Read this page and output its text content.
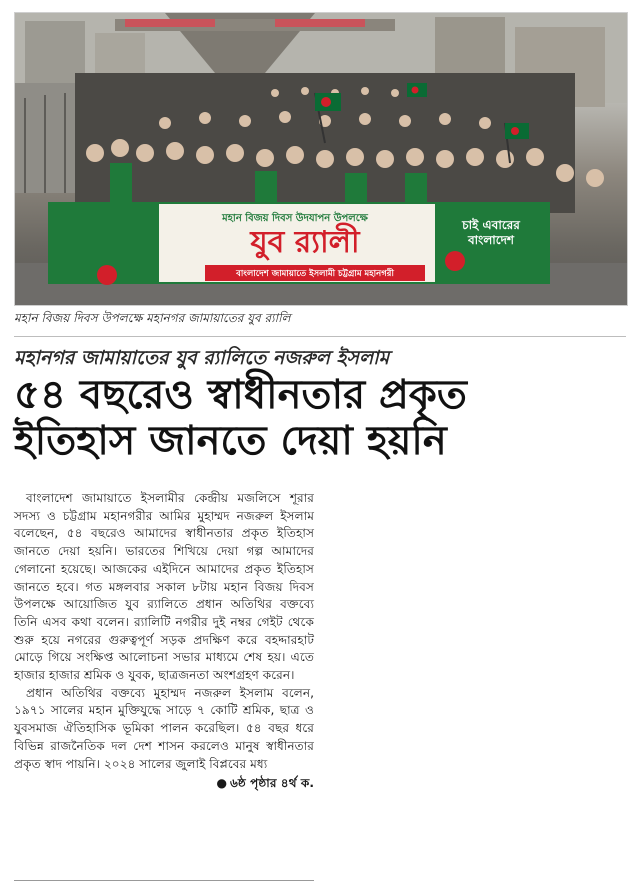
মহান বিজয় দিবস উদযাপন উপলক্ষে
যুব র‍্যালী
বাংলাদেশ জামায়াতে ইসলামী চট্টগ্রাম মহানগরী
চাই এবারের বাংলাদেশ
মহান বিজয় দিবস উপলক্ষে মহানগর জামায়াতের যুব র‍্যালি
মহানগর জামায়াতের যুব র‍্যালিতে নজরুল ইসলাম
৫৪ বছরেও স্বাধীনতার প্রকৃত
ইতিহাস জানতে দেয়া হয়নি

বাংলাদেশ জামায়াতে ইসলামীর কেন্দ্রীয় মজলিসে শূরার সদস্য ও চট্টগ্রাম মহানগরীর আমির মুহাম্মদ নজরুল ইসলাম বলেছেন, ৫৪ বছরেও আমাদের স্বাধীনতার প্রকৃত ইতিহাস জানতে দেয়া হয়নি। ভারতের শিখিয়ে দেয়া গল্প আমাদের গেলানো হয়েছে। আজকের এইদিনে আমাদের প্রকৃত ইতিহাস জানতে হবে। গত মঙ্গলবার সকাল ৮টায় মহান বিজয় দিবস উপলক্ষে আয়োজিত যুব র‍্যালিতে প্রধান অতিথির বক্তব্যে তিনি এসব কথা বলেন। র‍্যালিটি নগরীর দুই নম্বর গেইট থেকে শুরু হয়ে নগরের গুরুত্বপূর্ণ সড়ক প্রদক্ষিণ করে বহদ্দারহাট মোড়ে গিয়ে সংক্ষিপ্ত আলোচনা সভার মাধ্যমে শেষ হয়। এতে হাজার হাজার শ্রমিক ও যুবক, ছাত্রজনতা অংশগ্রহণ করেন।

প্রধান অতিথির বক্তব্যে মুহাম্মদ নজরুল ইসলাম বলেন, ১৯৭১ সালের মহান মুক্তিযুদ্ধে সাড়ে ৭ কোটি শ্রমিক, ছাত্র ও যুবসমাজ ঐতিহাসিক ভূমিকা পালন করেছিল। ৫৪ বছর ধরে বিভিন্ন রাজনৈতিক দল দেশ শাসন করলেও মানুষ স্বাধীনতার প্রকৃত স্বাদ পায়নি। ২০২৪ সালের জুলাই বিপ্লবের মধ্য

● ৬ষ্ঠ পৃষ্ঠার ৪র্থ ক.
